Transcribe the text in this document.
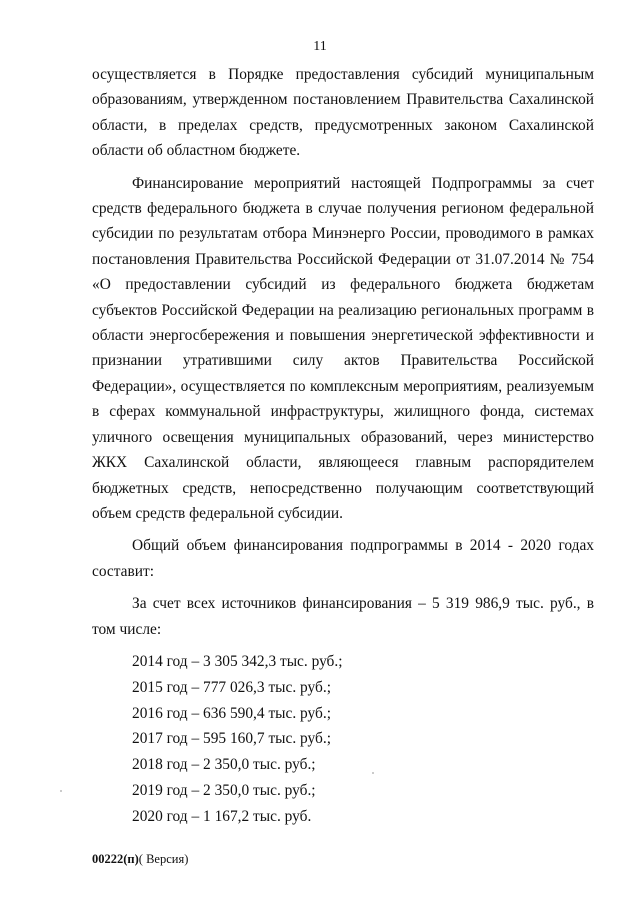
11

осуществляется в Порядке предоставления субсидий муниципальным образованиям, утвержденном постановлением Правительства Сахалинской области, в пределах средств, предусмотренных законом Сахалинской области об областном бюджете.

Финансирование мероприятий настоящей Подпрограммы за счет средств федерального бюджета в случае получения регионом федеральной субсидии по результатам отбора Минэнерго России, проводимого в рамках постановления Правительства Российской Федерации от 31.07.2014 № 754 «О предоставлении субсидий из федерального бюджета бюджетам субъектов Российской Федерации на реализацию региональных программ в области энергосбережения и повышения энергетической эффективности и признании утратившими силу актов Правительства Российской Федерации», осуществляется по комплексным мероприятиям, реализуемым в сферах коммунальной инфраструктуры, жилищного фонда, системах уличного освещения муниципальных образований, через министерство ЖКХ Сахалинской области, являющееся главным распорядителем бюджетных средств, непосредственно получающим соответствующий объем средств федеральной субсидии.

Общий объем финансирования подпрограммы в 2014 - 2020 годах составит:

За счет всех источников финансирования – 5 319 986,9 тыс. руб., в том числе:

2014 год – 3 305 342,3 тыс. руб.;
2015 год – 777 026,3 тыс. руб.;
2016 год – 636 590,4 тыс. руб.;
2017 год – 595 160,7 тыс. руб.;
2018 год – 2 350,0 тыс. руб.;
2019 год – 2 350,0 тыс. руб.;
2020 год – 1 167,2 тыс. руб.
00222(п)( Версия)
